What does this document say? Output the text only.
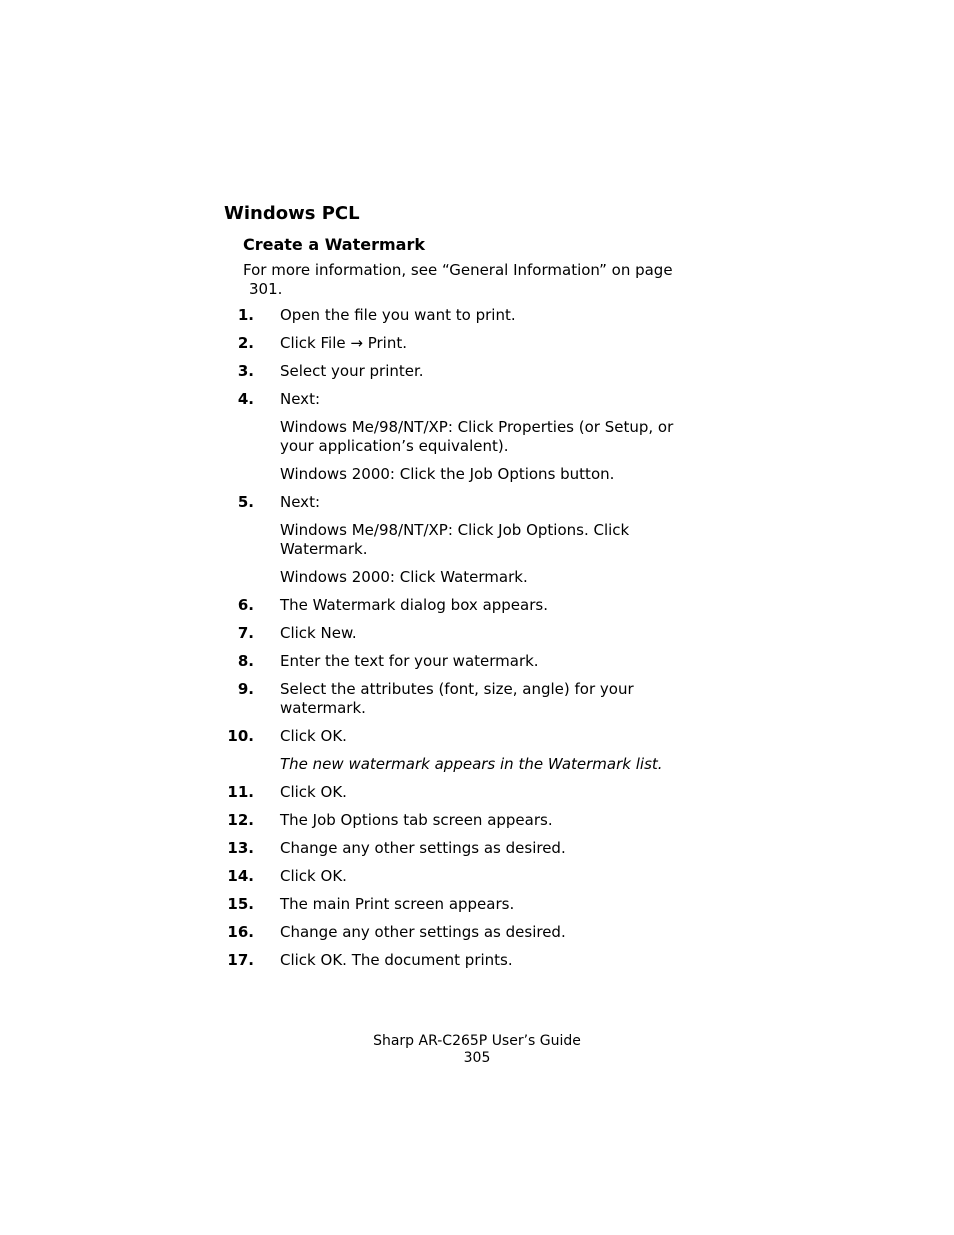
Windows PCL
Create a Watermark
For more information, see “General Information” on page
301.
1. Open the file you want to print.
2. Click File → Print.
3. Select your printer.
4. Next:
Windows Me/98/NT/XP: Click Properties (or Setup, or
your application’s equivalent).
Windows 2000: Click the Job Options button.
5. Next:
Windows Me/98/NT/XP: Click Job Options. Click
Watermark.
Windows 2000: Click Watermark.
6. The Watermark dialog box appears.
7. Click New.
8. Enter the text for your watermark.
9. Select the attributes (font, size, angle) for your
watermark.
10. Click OK.
The new watermark appears in the Watermark list.
11. Click OK.
12. The Job Options tab screen appears.
13. Change any other settings as desired.
14. Click OK.
15. The main Print screen appears.
16. Change any other settings as desired.
17. Click OK. The document prints.
Sharp AR-C265P User’s Guide
305
